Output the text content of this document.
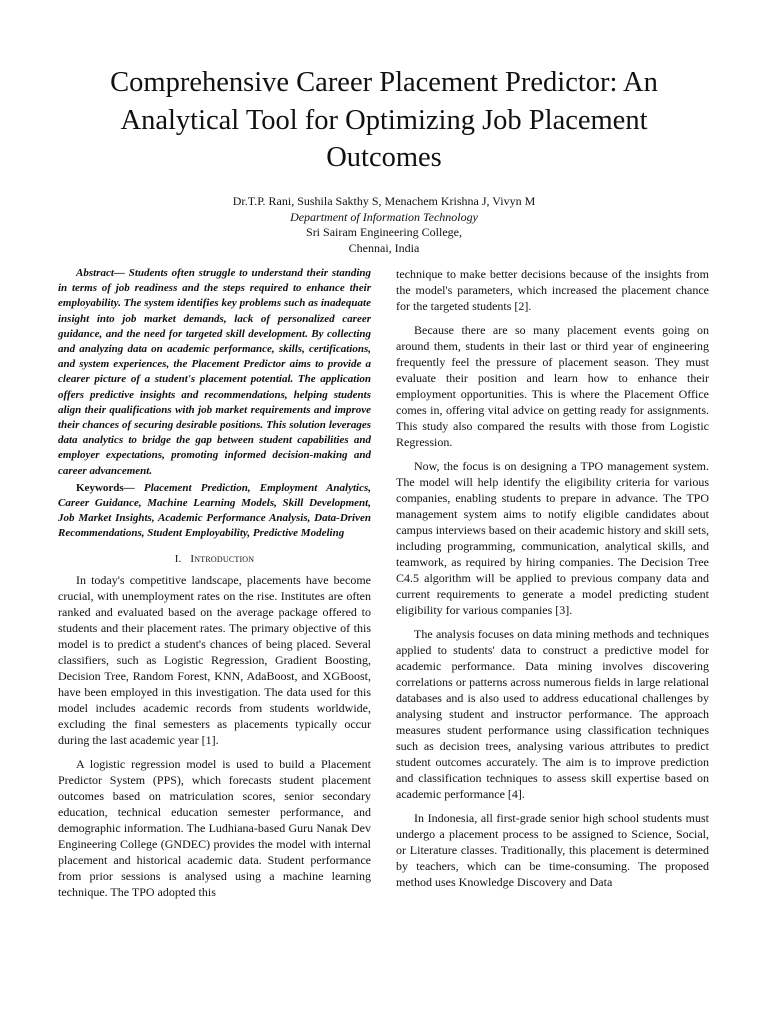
Comprehensive Career Placement Predictor: An Analytical Tool for Optimizing Job Placement Outcomes
Dr.T.P. Rani, Sushila Sakthy S, Menachem Krishna J, Vivyn M
Department of Information Technology
Sri Sairam Engineering College,
Chennai, India
Abstract— Students often struggle to understand their standing in terms of job readiness and the steps required to enhance their employability. The system identifies key problems such as inadequate insight into job market demands, lack of personalized career guidance, and the need for targeted skill development. By collecting and analyzing data on academic performance, skills, certifications, and system experiences, the Placement Predictor aims to provide a clearer picture of a student's placement potential. The application offers predictive insights and recommendations, helping students align their qualifications with job market requirements and improve their chances of securing desirable positions. This solution leverages data analytics to bridge the gap between student capabilities and employer expectations, promoting informed decision-making and career advancement.
Keywords— Placement Prediction, Employment Analytics, Career Guidance, Machine Learning Models, Skill Development, Job Market Insights, Academic Performance Analysis, Data-Driven Recommendations, Student Employability, Predictive Modeling
I. Introduction

In today's competitive landscape, placements have become crucial, with unemployment rates on the rise. Institutes are often ranked and evaluated based on the average package offered to students and their placement rates. The primary objective of this model is to predict a student's chances of being placed. Several classifiers, such as Logistic Regression, Gradient Boosting, Decision Tree, Random Forest, KNN, AdaBoost, and XGBoost, have been employed in this investigation. The data used for this model includes academic records from students worldwide, excluding the final semesters as placements typically occur during the last academic year [1].

A logistic regression model is used to build a Placement Predictor System (PPS), which forecasts student placement outcomes based on matriculation scores, senior secondary education, technical education semester performance, and demographic information. The Ludhiana-based Guru Nanak Dev Engineering College (GNDEC) provides the model with internal placement and historical academic data. Student performance from prior sessions is analysed using a machine learning technique. The TPO adopted this

technique to make better decisions because of the insights from the model's parameters, which increased the placement chance for the targeted students [2].

Because there are so many placement events going on around them, students in their last or third year of engineering frequently feel the pressure of placement season. They must evaluate their position and learn how to enhance their employment opportunities. This is where the Placement Office comes in, offering vital advice on getting ready for assignments. This study also compared the results with those from Logistic Regression.

Now, the focus is on designing a TPO management system. The model will help identify the eligibility criteria for various companies, enabling students to prepare in advance. The TPO management system aims to notify eligible candidates about campus interviews based on their academic history and skill sets, including programming, communication, analytical skills, and teamwork, as required by hiring companies. The Decision Tree C4.5 algorithm will be applied to previous company data and current requirements to generate a model predicting student eligibility for various companies [3].

The analysis focuses on data mining methods and techniques applied to students' data to construct a predictive model for academic performance. Data mining involves discovering correlations or patterns across numerous fields in large relational databases and is also used to address educational challenges by analysing student and instructor performance. The approach measures student performance using classification techniques such as decision trees, analysing various attributes to predict student outcomes accurately. The aim is to improve prediction and classification techniques to assess skill expertise based on academic performance [4].

In Indonesia, all first-grade senior high school students must undergo a placement process to be assigned to Science, Social, or Literature classes. Traditionally, this placement is determined by teachers, which can be time-consuming. The proposed method uses Knowledge Discovery and Data
